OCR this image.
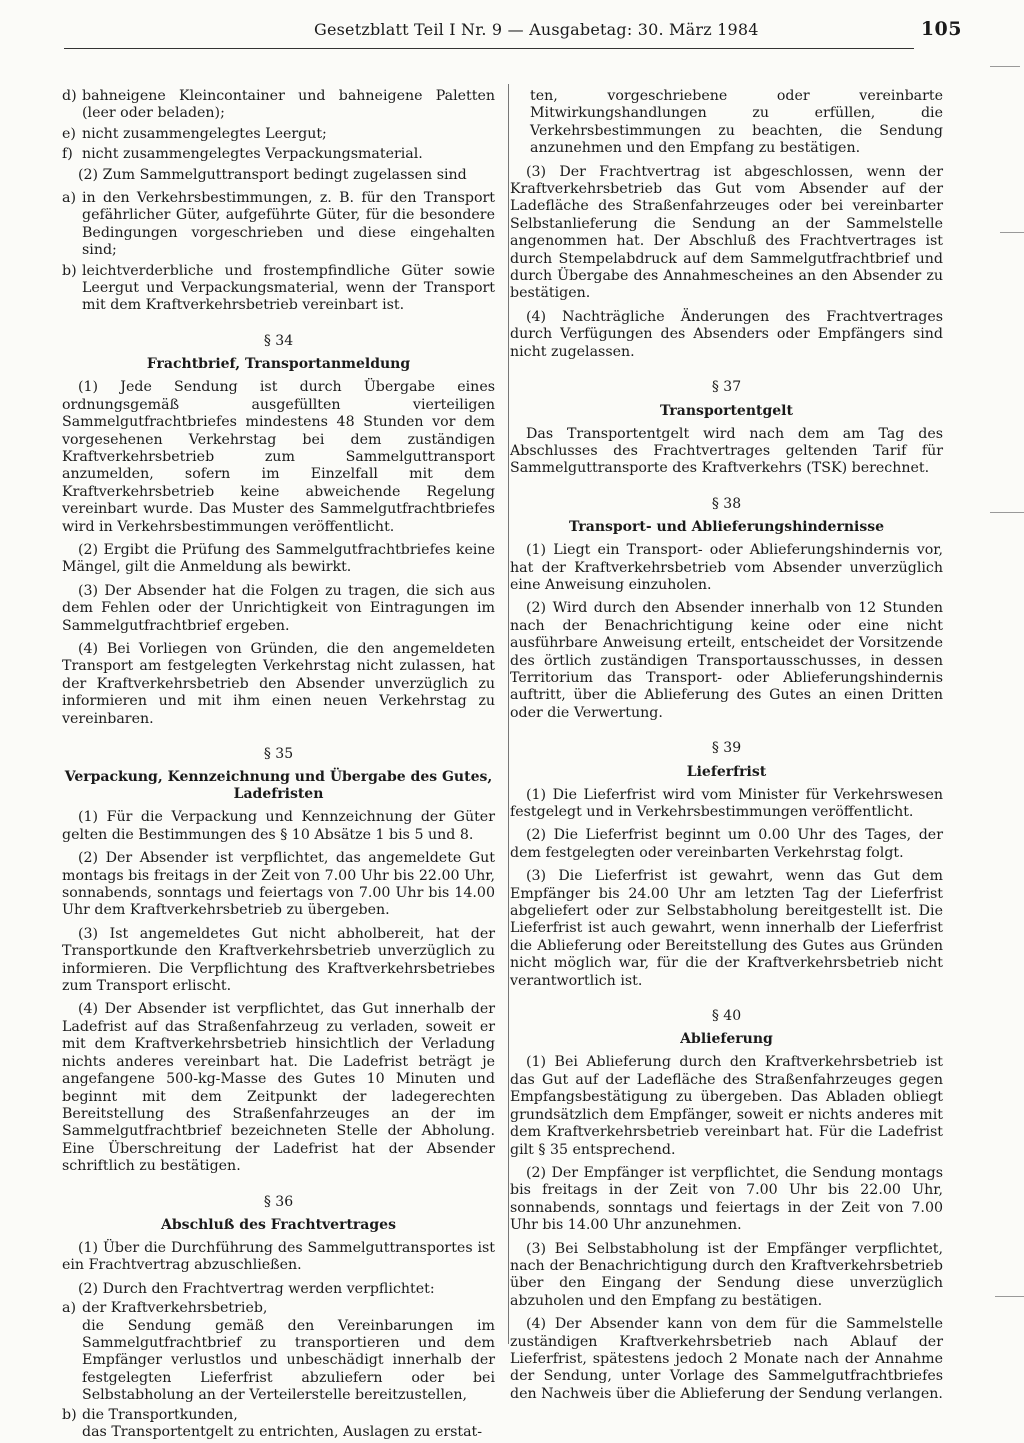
Gesetzblatt Teil I Nr. 9 — Ausgabetag: 30. März 1984	105
d) bahneigene Kleincontainer und bahneigene Paletten (leer oder beladen);
e) nicht zusammengelegtes Leergut;
f) nicht zusammengelegtes Verpackungsmaterial.

(2) Zum Sammelguttransport bedingt zugelassen sind

a) in den Verkehrsbestimmungen, z. B. für den Transport gefährlicher Güter, aufgeführte Güter, für die besondere Bedingungen vorgeschrieben und diese eingehalten sind;
b) leichtverderbliche und frostempfindliche Güter sowie Leergut und Verpackungsmaterial, wenn der Transport mit dem Kraftverkehrsbetrieb vereinbart ist.
§ 34
Frachtbrief, Transportanmeldung

(1) Jede Sendung ist durch Übergabe eines ordnungsgemäß ausgefüllten vierteiligen Sammelgutfrachtbriefes mindestens 48 Stunden vor dem vorgesehenen Verkehrstag bei dem zuständigen Kraftverkehrsbetrieb zum Sammelguttransport anzumelden, sofern im Einzelfall mit dem Kraftverkehrsbetrieb keine abweichende Regelung vereinbart wurde. Das Muster des Sammelgutfrachtbriefes wird in Verkehrsbestimmungen veröffentlicht.

(2) Ergibt die Prüfung des Sammelgutfrachtbriefes keine Mängel, gilt die Anmeldung als bewirkt.

(3) Der Absender hat die Folgen zu tragen, die sich aus dem Fehlen oder der Unrichtigkeit von Eintragungen im Sammelgutfrachtbrief ergeben.

(4) Bei Vorliegen von Gründen, die den angemeldeten Transport am festgelegten Verkehrstag nicht zulassen, hat der Kraftverkehrsbetrieb den Absender unverzüglich zu informieren und mit ihm einen neuen Verkehrstag zu vereinbaren.

§ 35
Verpackung, Kennzeichnung und Übergabe des Gutes, Ladefristen

(1) Für die Verpackung und Kennzeichnung der Güter gelten die Bestimmungen des § 10 Absätze 1 bis 5 und 8.

(2) Der Absender ist verpflichtet, das angemeldete Gut montags bis freitags in der Zeit von 7.00 Uhr bis 22.00 Uhr, sonnabends, sonntags und feiertags von 7.00 Uhr bis 14.00 Uhr dem Kraftverkehrsbetrieb zu übergeben.

(3) Ist angemeldetes Gut nicht abholbereit, hat der Transportkunde den Kraftverkehrsbetrieb unverzüglich zu informieren. Die Verpflichtung des Kraftverkehrsbetriebes zum Transport erlischt.

(4) Der Absender ist verpflichtet, das Gut innerhalb der Ladefrist auf das Straßenfahrzeug zu verladen, soweit er mit dem Kraftverkehrsbetrieb hinsichtlich der Verladung nichts anderes vereinbart hat. Die Ladefrist beträgt je angefangene 500-kg-Masse des Gutes 10 Minuten und beginnt mit dem Zeitpunkt der ladegerechten Bereitstellung des Straßenfahrzeuges an der im Sammelgutfrachtbrief bezeichneten Stelle der Abholung. Eine Überschreitung der Ladefrist hat der Absender schriftlich zu bestätigen.

§ 36
Abschluß des Frachtvertrages

(1) Über die Durchführung des Sammelguttransportes ist ein Frachtvertrag abzuschließen.

(2) Durch den Frachtvertrag werden verpflichtet:

a) der Kraftverkehrsbetrieb,
die Sendung gemäß den Vereinbarungen im Sammelgutfrachtbrief zu transportieren und dem Empfänger verlustlos und unbeschädigt innerhalb der festgelegten Lieferfrist abzuliefern oder bei Selbstabholung an der Verteilerstelle bereitzustellen,
b) die Transportkunden,
das Transportentgelt zu entrichten, Auslagen zu erstat-

ten, vorgeschriebene oder vereinbarte Mitwirkungshandlungen zu erfüllen, die Verkehrsbestimmungen zu beachten, die Sendung anzunehmen und den Empfang zu bestätigen.

(3) Der Frachtvertrag ist abgeschlossen, wenn der Kraftverkehrsbetrieb das Gut vom Absender auf der Ladefläche des Straßenfahrzeuges oder bei vereinbarter Selbstanlieferung die Sendung an der Sammelstelle angenommen hat. Der Abschluß des Frachtvertrages ist durch Stempelabdruck auf dem Sammelgutfrachtbrief und durch Übergabe des Annahmescheines an den Absender zu bestätigen.

(4) Nachträgliche Änderungen des Frachtvertrages durch Verfügungen des Absenders oder Empfängers sind nicht zugelassen.

§ 37
Transportentgelt

Das Transportentgelt wird nach dem am Tag des Abschlusses des Frachtvertrages geltenden Tarif für Sammelguttransporte des Kraftverkehrs (TSK) berechnet.

§ 38
Transport- und Ablieferungshindernisse

(1) Liegt ein Transport- oder Ablieferungshindernis vor, hat der Kraftverkehrsbetrieb vom Absender unverzüglich eine Anweisung einzuholen.

(2) Wird durch den Absender innerhalb von 12 Stunden nach der Benachrichtigung keine oder eine nicht ausführbare Anweisung erteilt, entscheidet der Vorsitzende des örtlich zuständigen Transportausschusses, in dessen Territorium das Transport- oder Ablieferungshindernis auftritt, über die Ablieferung des Gutes an einen Dritten oder die Verwertung.

§ 39
Lieferfrist

(1) Die Lieferfrist wird vom Minister für Verkehrswesen festgelegt und in Verkehrsbestimmungen veröffentlicht.

(2) Die Lieferfrist beginnt um 0.00 Uhr des Tages, der dem festgelegten oder vereinbarten Verkehrstag folgt.

(3) Die Lieferfrist ist gewahrt, wenn das Gut dem Empfänger bis 24.00 Uhr am letzten Tag der Lieferfrist abgeliefert oder zur Selbstabholung bereitgestellt ist. Die Lieferfrist ist auch gewahrt, wenn innerhalb der Lieferfrist die Ablieferung oder Bereitstellung des Gutes aus Gründen nicht möglich war, für die der Kraftverkehrsbetrieb nicht verantwortlich ist.

§ 40
Ablieferung

(1) Bei Ablieferung durch den Kraftverkehrsbetrieb ist das Gut auf der Ladefläche des Straßenfahrzeuges gegen Empfangsbestätigung zu übergeben. Das Abladen obliegt grundsätzlich dem Empfänger, soweit er nichts anderes mit dem Kraftverkehrsbetrieb vereinbart hat. Für die Ladefrist gilt § 35 entsprechend.

(2) Der Empfänger ist verpflichtet, die Sendung montags bis freitags in der Zeit von 7.00 Uhr bis 22.00 Uhr, sonnabends, sonntags und feiertags in der Zeit von 7.00 Uhr bis 14.00 Uhr anzunehmen.

(3) Bei Selbstabholung ist der Empfänger verpflichtet, nach der Benachrichtigung durch den Kraftverkehrsbetrieb über den Eingang der Sendung diese unverzüglich abzuholen und den Empfang zu bestätigen.

(4) Der Absender kann von dem für die Sammelstelle zuständigen Kraftverkehrsbetrieb nach Ablauf der Lieferfrist, spätestens jedoch 2 Monate nach der Annahme der Sendung, unter Vorlage des Sammelgutfrachtbriefes den Nachweis über die Ablieferung der Sendung verlangen.
